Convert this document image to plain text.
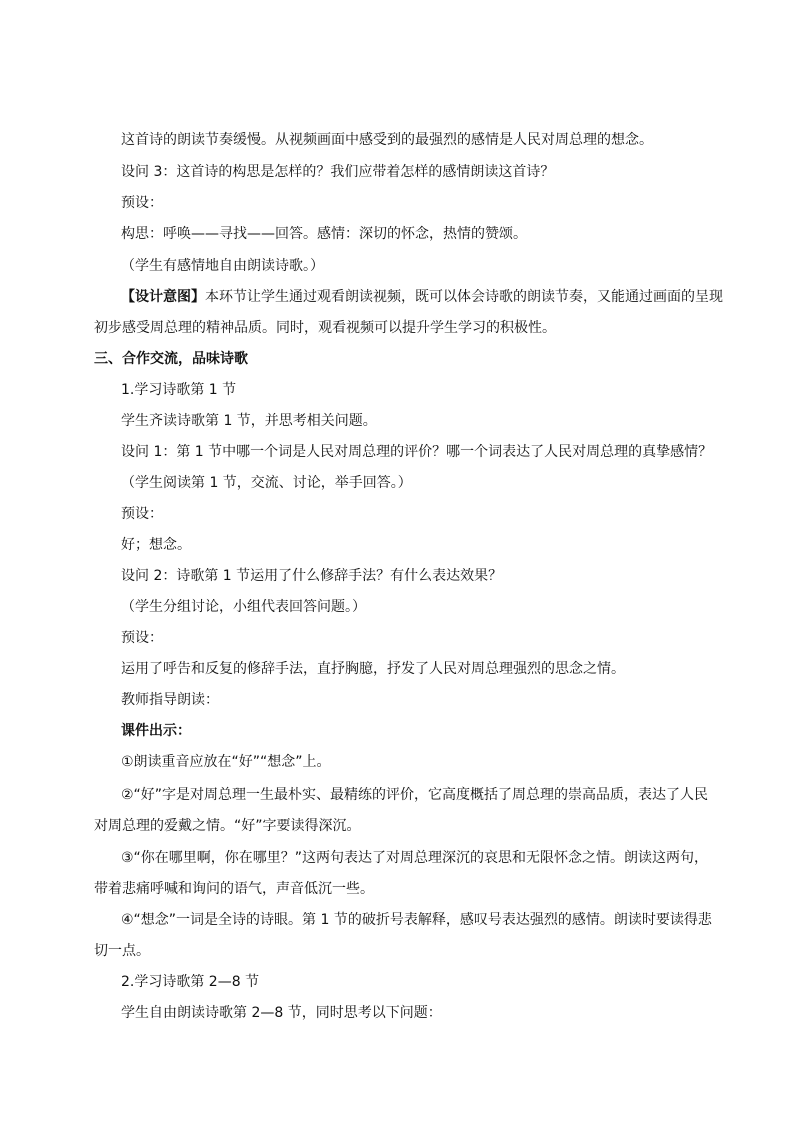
这首诗的朗读节奏缓慢。从视频画面中感受到的最强烈的感情是人民对周总理的想念。
设问 3：这首诗的构思是怎样的？我们应带着怎样的感情朗读这首诗？
预设：
构思：呼唤——寻找——回答。感情：深切的怀念，热情的赞颂。
（学生有感情地自由朗读诗歌。）
【设计意图】本环节让学生通过观看朗读视频，既可以体会诗歌的朗读节奏，又能通过画面的呈现
初步感受周总理的精神品质。同时，观看视频可以提升学生学习的积极性。
三、合作交流，品味诗歌
1.学习诗歌第 1 节
学生齐读诗歌第 1 节，并思考相关问题。
设问 1：第 1 节中哪一个词是人民对周总理的评价？哪一个词表达了人民对周总理的真挚感情？
（学生阅读第 1 节，交流、讨论，举手回答。）
预设：
好；想念。
设问 2：诗歌第 1 节运用了什么修辞手法？有什么表达效果？
（学生分组讨论，小组代表回答问题。）
预设：
运用了呼告和反复的修辞手法，直抒胸臆，抒发了人民对周总理强烈的思念之情。
教师指导朗读：
课件出示：
①朗读重音应放在“好”“想念”上。
②“好”字是对周总理一生最朴实、最精练的评价，它高度概括了周总理的崇高品质，表达了人民
对周总理的爱戴之情。“好”字要读得深沉。
③“你在哪里啊，你在哪里？”这两句表达了对周总理深沉的哀思和无限怀念之情。朗读这两句，
带着悲痛呼喊和询问的语气，声音低沉一些。
④“想念”一词是全诗的诗眼。第 1 节的破折号表解释，感叹号表达强烈的感情。朗读时要读得悲
切一点。
2.学习诗歌第 2—8 节
学生自由朗读诗歌第 2—8 节，同时思考以下问题：
